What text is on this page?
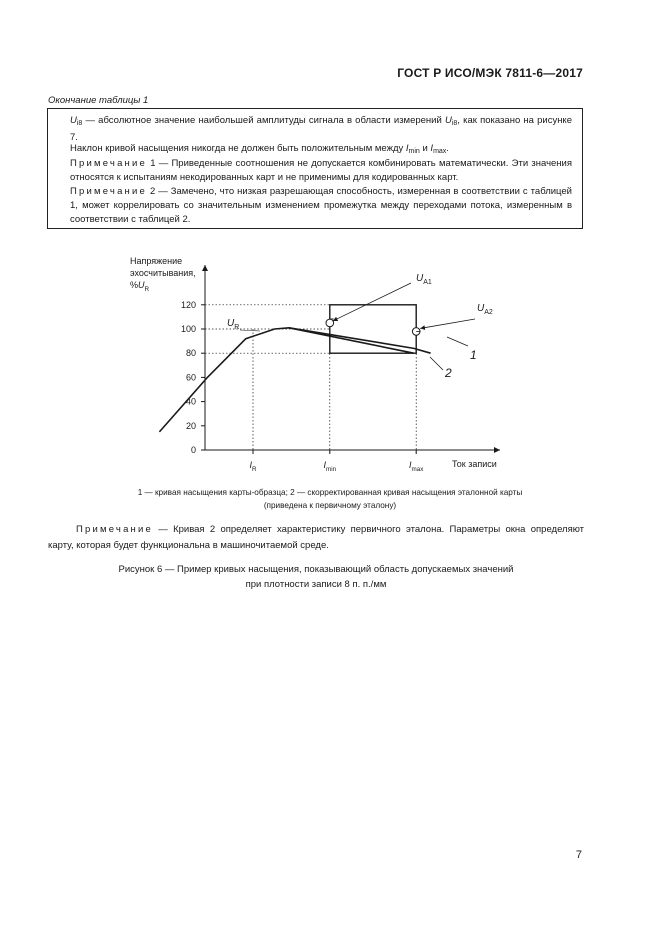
ГОСТ Р ИСО/МЭК 7811-6—2017
Окончание таблицы 1
$U_{i8}$ — абсолютное значение наибольшей амплитуды сигнала в области измерений $U_{i8}$, как показано на рисунке 7.
Наклон кривой насыщения никогда не должен быть положительным между $I_{min}$ и $I_{max}$.
Примечание 1 — Приведенные соотношения не допускается комбинировать математически. Эти значения относятся к испытаниям некодированных карт и не применимы для кодированных карт.
Примечание 2 — Замечено, что низкая разрешающая способность, измеренная в соответствии с таблицей 1, может коррелировать со значительным изменением промежутка между переходами потока, измеренным в соответствии с таблицей 2.
0
20
40
60
80
100
120
Напряжение
эхосчитывания,
$\%U_R$
Ток записи
$I_R$	$I_{min}$	$I_{max}$
$U_{A1}$
$U_{A2}$
$U_R$
1
2
1 — кривая насыщения карты-образца; 2 — скорректированная кривая насыщения эталонной карты
(приведена к первичному эталону)
Примечание — Кривая 2 определяет характеристику первичного эталона. Параметры окна определяют карту, которая будет функциональна в машиночитаемой среде.
Рисунок 6 — Пример кривых насыщения, показывающий область допускаемых значений
при плотности записи 8 п. п./мм
7
